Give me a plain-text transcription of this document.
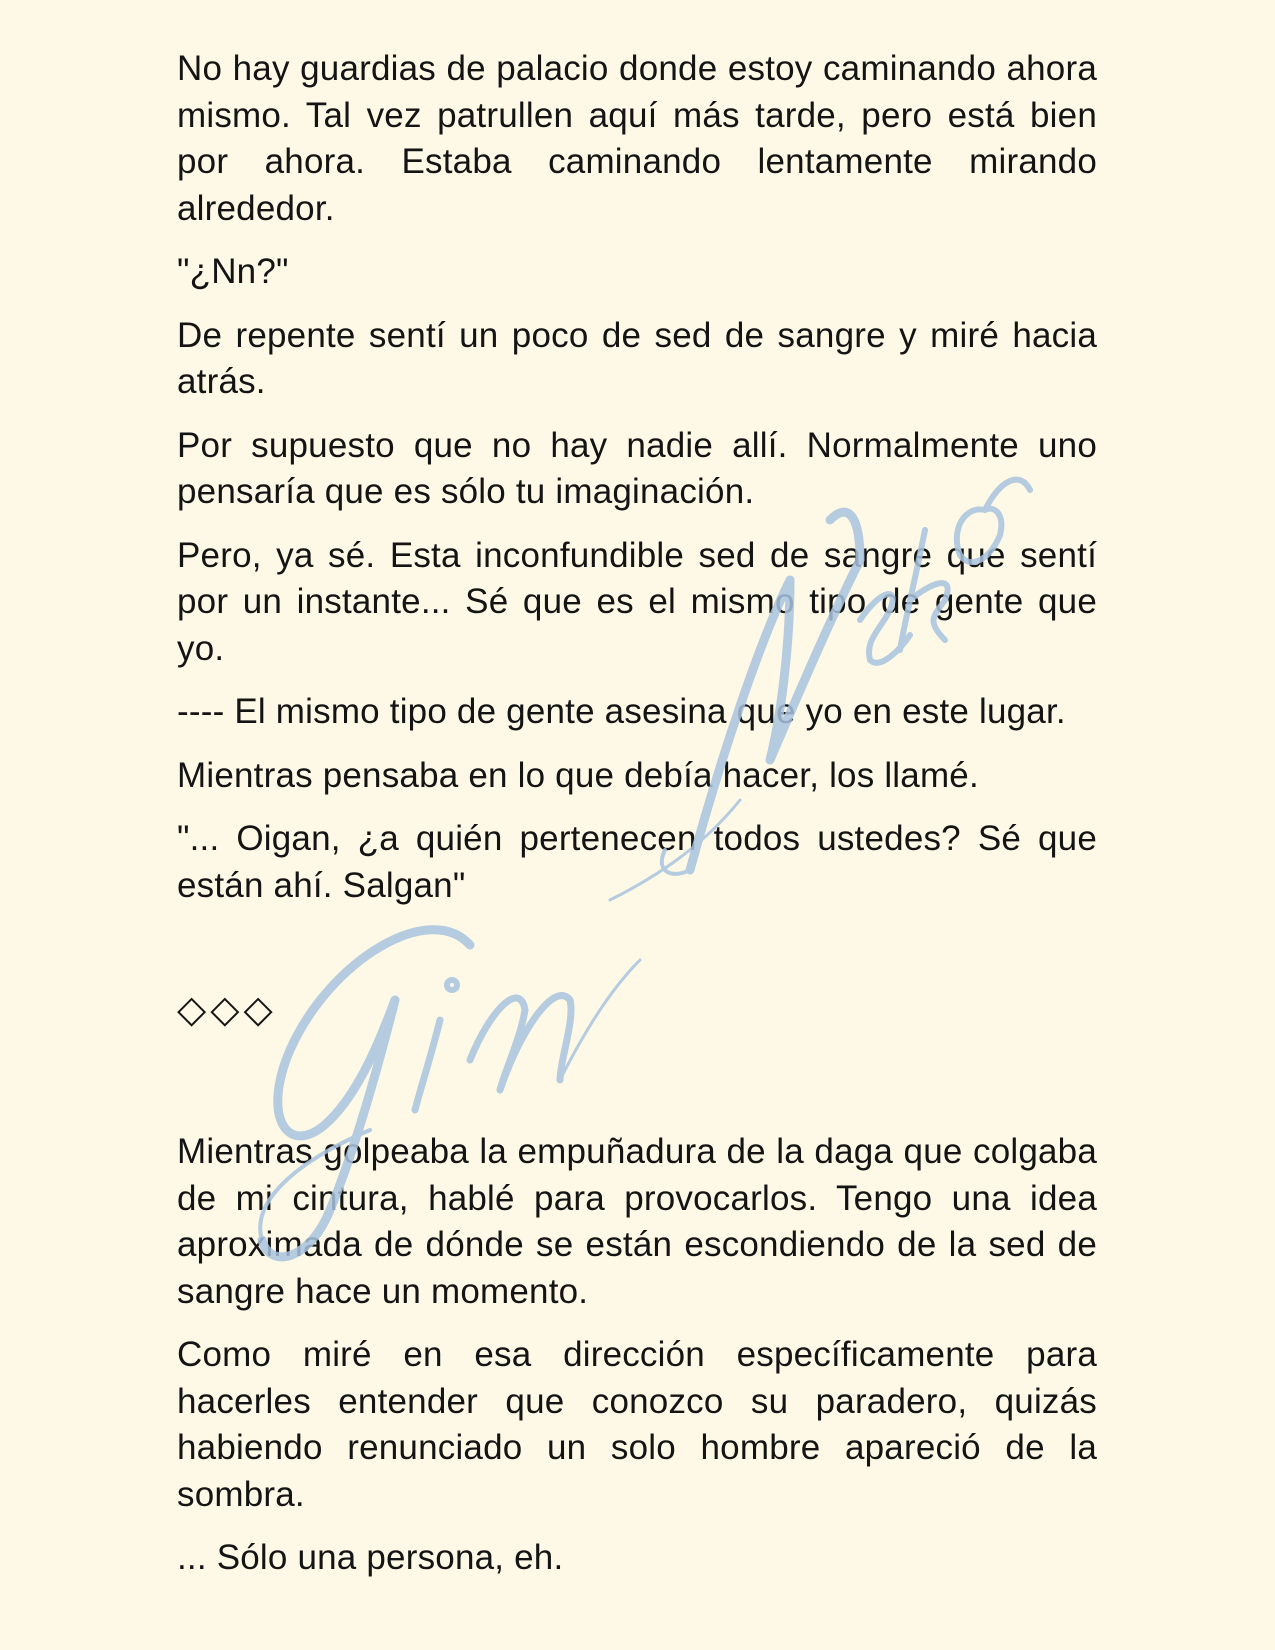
No hay guardias de palacio donde estoy caminando ahora mismo. Tal vez patrullen aquí más tarde, pero está bien por ahora. Estaba caminando lentamente mirando alrededor.

"¿Nn?"

De repente sentí un poco de sed de sangre y miré hacia atrás.

Por supuesto que no hay nadie allí. Normalmente uno pensaría que es sólo tu imaginación.

Pero, ya sé. Esta inconfundible sed de sangre que sentí por un instante... Sé que es el mismo tipo de gente que yo.

---- El mismo tipo de gente asesina que yo en este lugar.

Mientras pensaba en lo que debía hacer, los llamé.

"... Oigan, ¿a quién pertenecen todos ustedes? Sé que están ahí. Salgan"

◇◇◇

Mientras golpeaba la empuñadura de la daga que colgaba de mi cintura, hablé para provocarlos. Tengo una idea aproximada de dónde se están escondiendo de la sed de sangre hace un momento.

Como miré en esa dirección específicamente para hacerles entender que conozco su paradero, quizás habiendo renunciado un solo hombre apareció de la sombra.

... Sólo una persona, eh.
